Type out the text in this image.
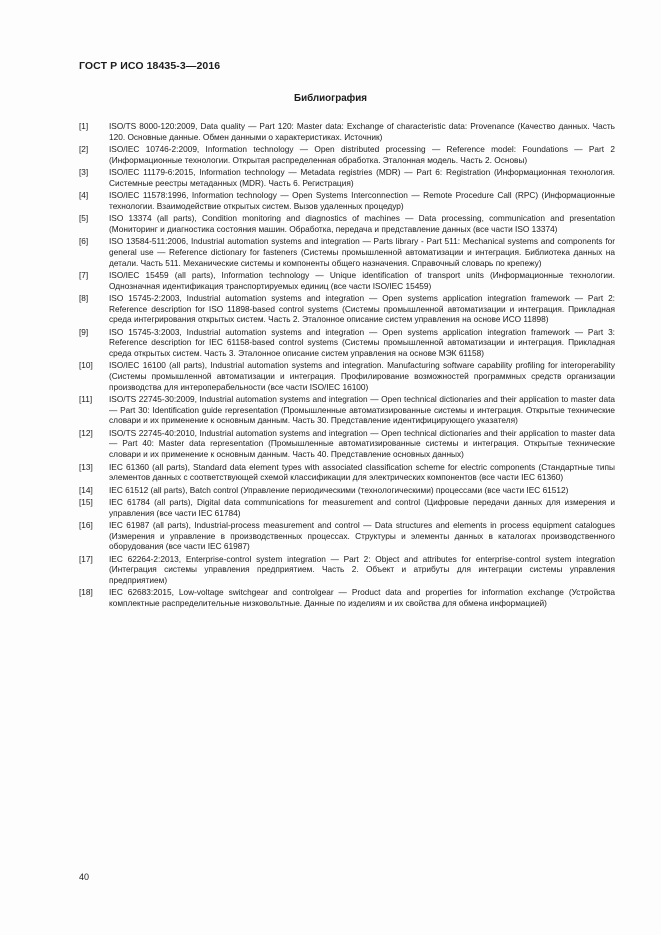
ГОСТ Р ИСО 18435-3—2016
Библиография
[1]	ISO/TS 8000-120:2009, Data quality — Part 120: Master data: Exchange of characteristic data: Provenance (Качество данных. Часть 120. Основные данные. Обмен данными о характеристиках. Источник)
[2]	ISO/IEC 10746-2:2009, Information technology — Open distributed processing — Reference model: Foundations — Part 2 (Информационные технологии. Открытая распределенная обработка. Эталонная модель. Часть 2. Основы)
[3]	ISO/IEC 11179-6:2015, Information technology — Metadata registries (MDR) — Part 6: Registration (Информационная технология. Системные реестры метаданных (MDR). Часть 6. Регистрация)
[4]	ISO/IEC 11578:1996, Information technology — Open Systems Interconnection — Remote Procedure Call (RPC) (Информационные технологии. Взаимодействие открытых систем. Вызов удаленных процедур)
[5]	ISO 13374 (all parts), Condition monitoring and diagnostics of machines — Data processing, communication and presentation (Мониторинг и диагностика состояния машин. Обработка, передача и представление данных (все части ISO 13374)
[6]	ISO 13584-511:2006, Industrial automation systems and integration — Parts library - Part 511: Mechanical systems and components for general use — Reference dictionary for fasteners (Системы промышленной автоматизации и интеграция. Библиотека данных на детали. Часть 511. Механические системы и компоненты общего назначения. Справочный словарь по крепежу)
[7]	ISO/IEC 15459 (all parts), Information technology — Unique identification of transport units (Информационные технологии. Однозначная идентификация транспортируемых единиц (все части ISO/IEC 15459)
[8]	ISO 15745-2:2003, Industrial automation systems and integration — Open systems application integration framework — Part 2: Reference description for ISO 11898-based control systems (Системы промышленной автоматизации и интеграция. Прикладная среда интегрирования открытых систем. Часть 2. Эталонное описание систем управления на основе ИСО 11898)
[9]	ISO 15745-3:2003, Industrial automation systems and integration — Open systems application integration framework — Part 3: Reference description for IEC 61158-based control systems (Системы промышленной автоматизации и интеграция. Прикладная среда открытых систем. Часть 3. Эталонное описание систем управления на основе МЭК 61158)
[10]	ISO/IEC 16100 (all parts), Industrial automation systems and integration. Manufacturing software capability profiling for interoperability (Системы промышленной автоматизации и интеграция. Профилирование возможностей программных средств организации производства для интероперабельности (все части ISO/IEC 16100)
[11]	ISO/TS 22745-30:2009, Industrial automation systems and integration — Open technical dictionaries and their application to master data — Part 30: Identification guide representation (Промышленные автоматизированные системы и интеграция. Открытые технические словари и их применение к основным данным. Часть 30. Представление идентифицирующего указателя)
[12]	ISO/TS 22745-40:2010, Industrial automation systems and integration — Open technical dictionaries and their application to master data — Part 40: Master data representation (Промышленные автоматизированные системы и интеграция. Открытые технические словари и их применение к основным данным. Часть 40. Представление основных данных)
[13]	IEC 61360 (all parts), Standard data element types with associated classification scheme for electric components (Стандартные типы элементов данных с соответствующей схемой классификации для электрических компонентов (все части IEC 61360)
[14]	IEC 61512 (all parts), Batch control (Управление периодическими (технологическими) процессами (все части IEC 61512)
[15]	IEC 61784 (all parts), Digital data communications for measurement and control (Цифровые передачи данных для измерения и управления (все части IEC 61784)
[16]	IEC 61987 (all parts), Industrial-process measurement and control — Data structures and elements in process equipment catalogues (Измерения и управление в производственных процессах. Структуры и элементы данных в каталогах производственного оборудования (все части IEC 61987)
[17]	IEC 62264-2:2013, Enterprise-control system integration — Part 2: Object and attributes for enterprise-control system integration (Интеграция системы управления предприятием. Часть 2. Объект и атрибуты для интеграции системы управления предприятием)
[18]	IEC 62683:2015, Low-voltage switchgear and controlgear — Product data and properties for information exchange (Устройства комплектные распределительные низковольтные. Данные по изделиям и их свойства для обмена информацией)
40
